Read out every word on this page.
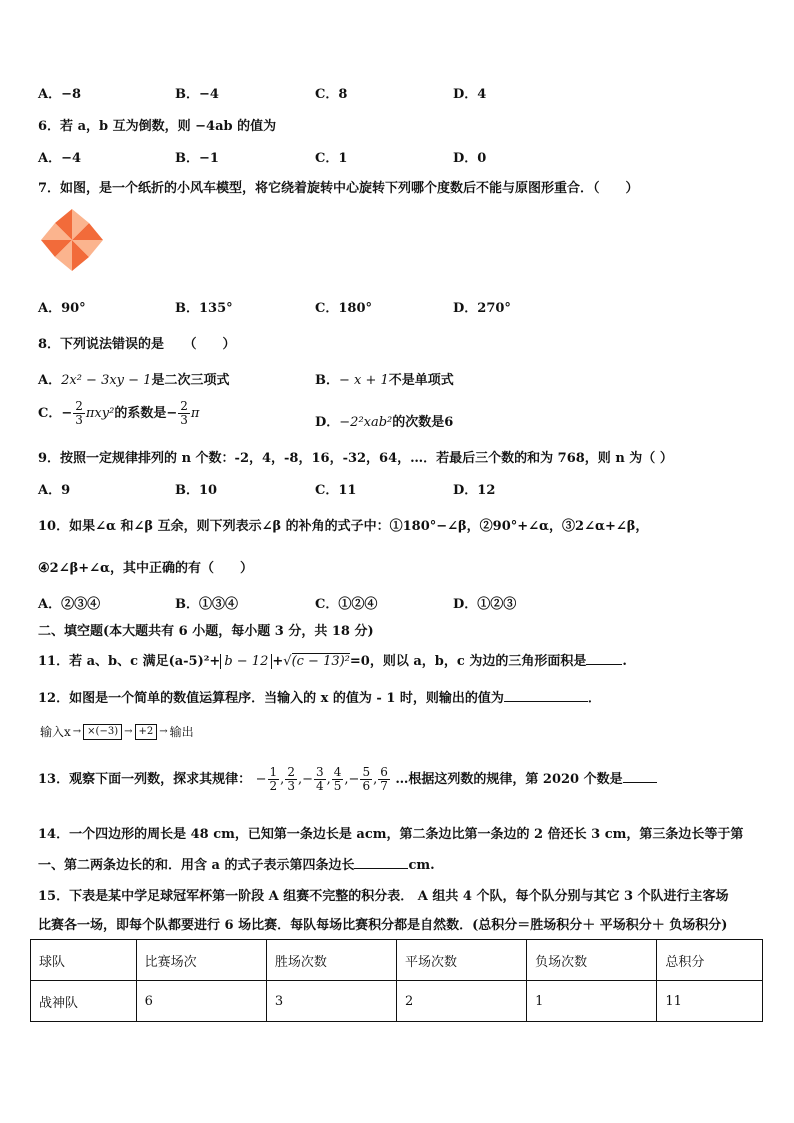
A．−8	B．−4	C．8	D．4
6．若 a，b 互为倒数，则 −4ab 的值为
A．−4	B．−1	C．1	D．0
7．如图，是一个纸折的小风车模型，将它绕着旋转中心旋转下列哪个度数后不能与原图形重合．（　　）
A．90°	B．135°	C．180°	D．270°
8．下列说法错误的是　　（　　）
A．2x² − 3xy − 1是二次三项式	B．− x + 1不是单项式
C．− $\frac{2}{3} \pi xy^2$的系数是− $\frac{2}{3}$ π
D．−2²xab²的次数是6
9．按照一定规律排列的 n 个数：-2，4，-8，16，-32，64，…．若最后三个数的和为 768，则 n 为（ ）
A．9	B．10	C．11	D．12
10．如果∠α 和∠β 互余，则下列表示∠β 的补角的式子中：①180°−∠β，②90°+∠α，③2∠α+∠β，
④2∠β+∠α，其中正确的有（　　）
A．②③④	B．①③④	C．①②④	D．①②③
二、填空题(本大题共有 6 小题，每小题 3 分，共 18 分)
11．若 a、b、c 满足(a-5)²+ b − 12 +√(c − 13)²=0，则以 a，b，c 为边的三角形面积是	.
12．如图是一个简单的数值运算程序．当输入的 x 的值为 - 1 时，则输出的值为	．
输入x → ×(−3) → +2 → 输出
13．观察下面一列数，探求其规律： − $\frac{1}{2}$ , $\frac{2}{3}$ ,− $\frac{3}{4}$ , $\frac{4}{5}$ ,− $\frac{5}{6}$ , $\frac{6}{7}$ …根据这列数的规律，第 2020 个数是
14．一个四边形的周长是 48 cm，已知第一条边长是 acm，第二条边比第一条边的 2 倍还长 3 cm，第三条边长等于第
一、第二两条边长的和．用含 a 的式子表示第四条边长	cm.
15．下表是某中学足球冠军杯第一阶段 A 组赛不完整的积分表． A 组共 4 个队，每个队分别与其它 3 个队进行主客场
比赛各一场，即每个队都要进行 6 场比赛．每队每场比赛积分都是自然数．(总积分＝胜场积分＋ 平场积分＋ 负场积分)
球队	比赛场次	胜场次数	平场次数	负场次数	总积分
战神队	6	3	2	1	11
